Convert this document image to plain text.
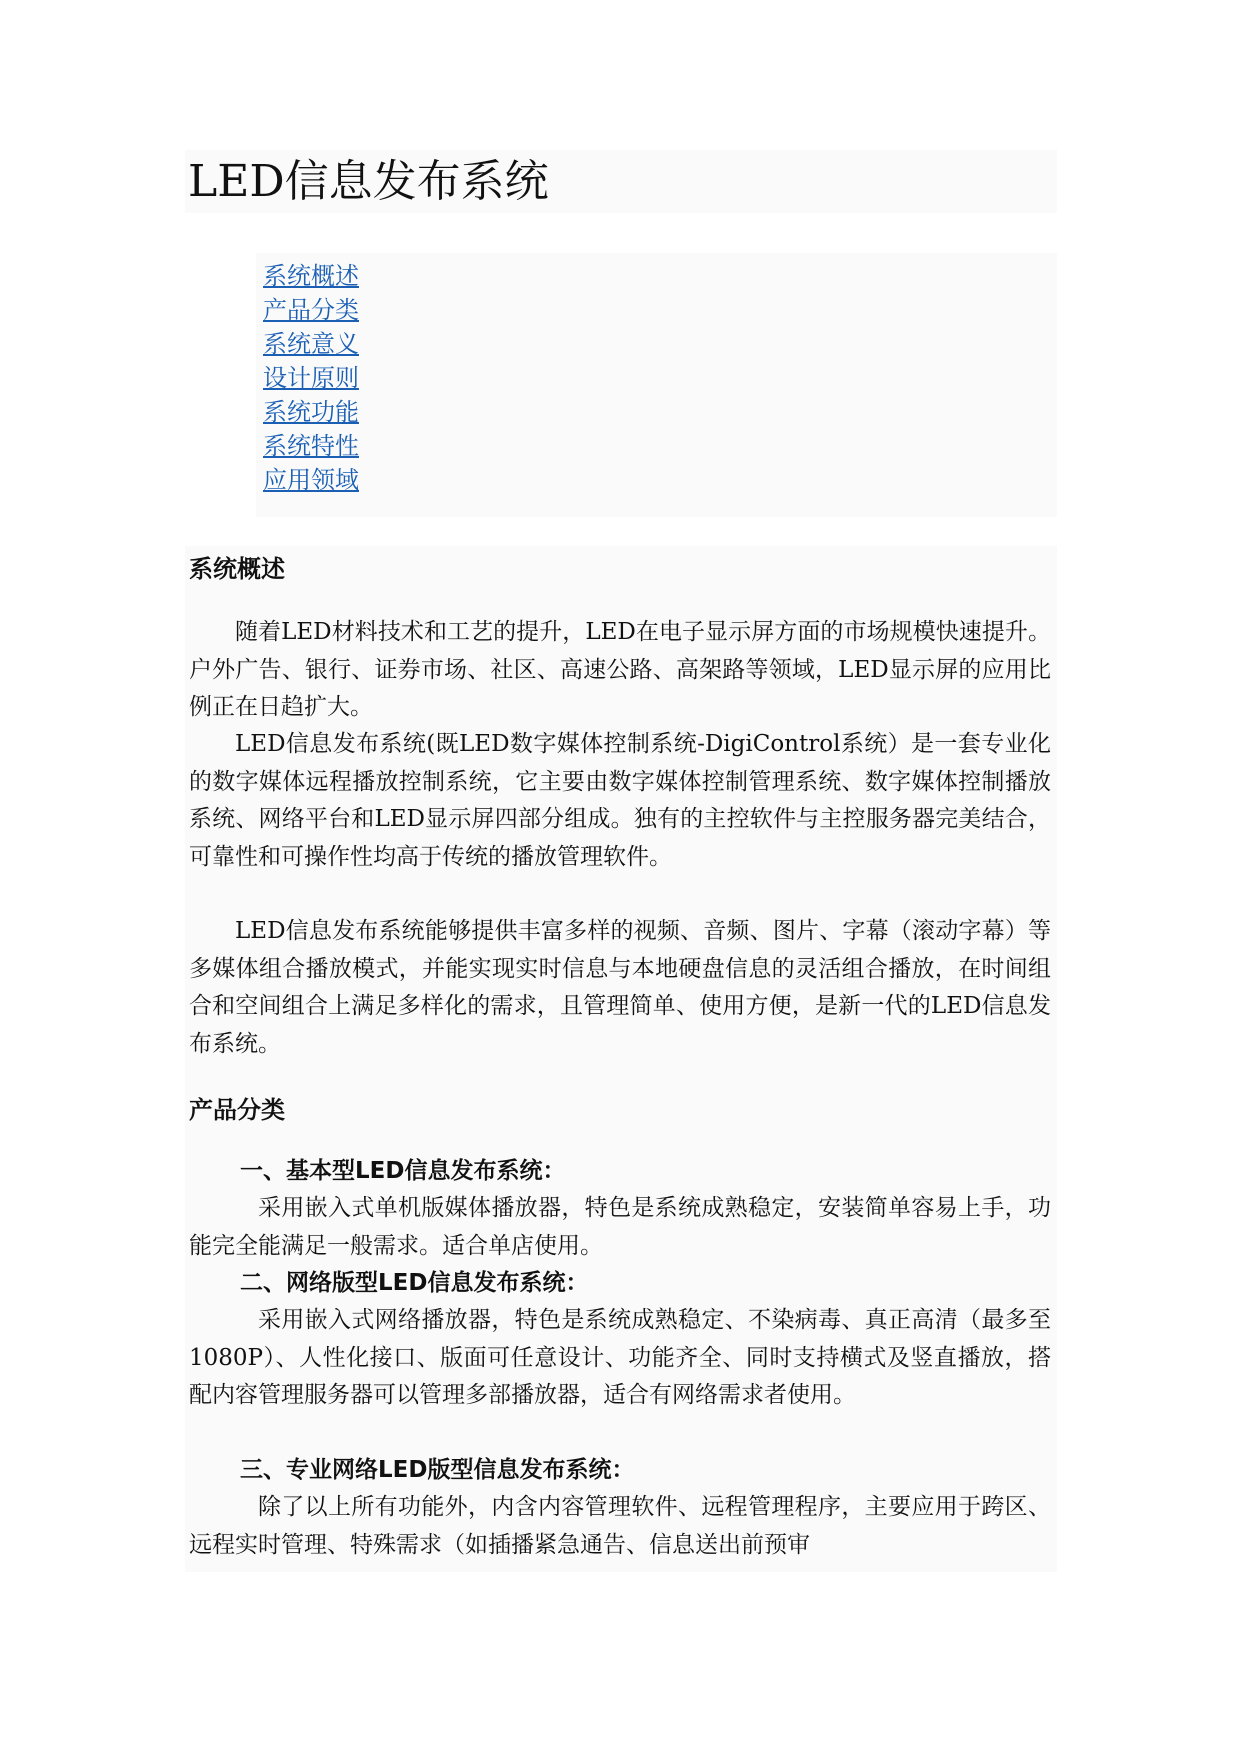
LED信息发布系统
系统概述
产品分类
系统意义
设计原则
系统功能
系统特性
应用领域
系统概述

随着LED材料技术和工艺的提升，LED在电子显示屏方面的市场规模快速提升。户外广告、银行、证券市场、社区、高速公路、高架路等领域，LED显示屏的应用比例正在日趋扩大。

LED信息发布系统(既LED数字媒体控制系统-DigiControl系统）是一套专业化的数字媒体远程播放控制系统，它主要由数字媒体控制管理系统、数字媒体控制播放系统、网络平台和LED显示屏四部分组成。独有的主控软件与主控服务器完美结合，可靠性和可操作性均高于传统的播放管理软件。

LED信息发布系统能够提供丰富多样的视频、音频、图片、字幕（滚动字幕）等多媒体组合播放模式，并能实现实时信息与本地硬盘信息的灵活组合播放，在时间组合和空间组合上满足多样化的需求，且管理简单、使用方便，是新一代的LED信息发布系统。

产品分类
一、基本型LED信息发布系统：

采用嵌入式单机版媒体播放器，特色是系统成熟稳定，安装简单容易上手，功能完全能满足一般需求。适合单店使用。

二、网络版型LED信息发布系统：

采用嵌入式网络播放器，特色是系统成熟稳定、不染病毒、真正高清（最多至1080P）、人性化接口、版面可任意设计、功能齐全、同时支持横式及竖直播放，搭配内容管理服务器可以管理多部播放器，适合有网络需求者使用。

三、专业网络LED版型信息发布系统：

除了以上所有功能外，内含内容管理软件、远程管理程序，主要应用于跨区、远程实时管理、特殊需求（如插播紧急通告、信息送出前预审
